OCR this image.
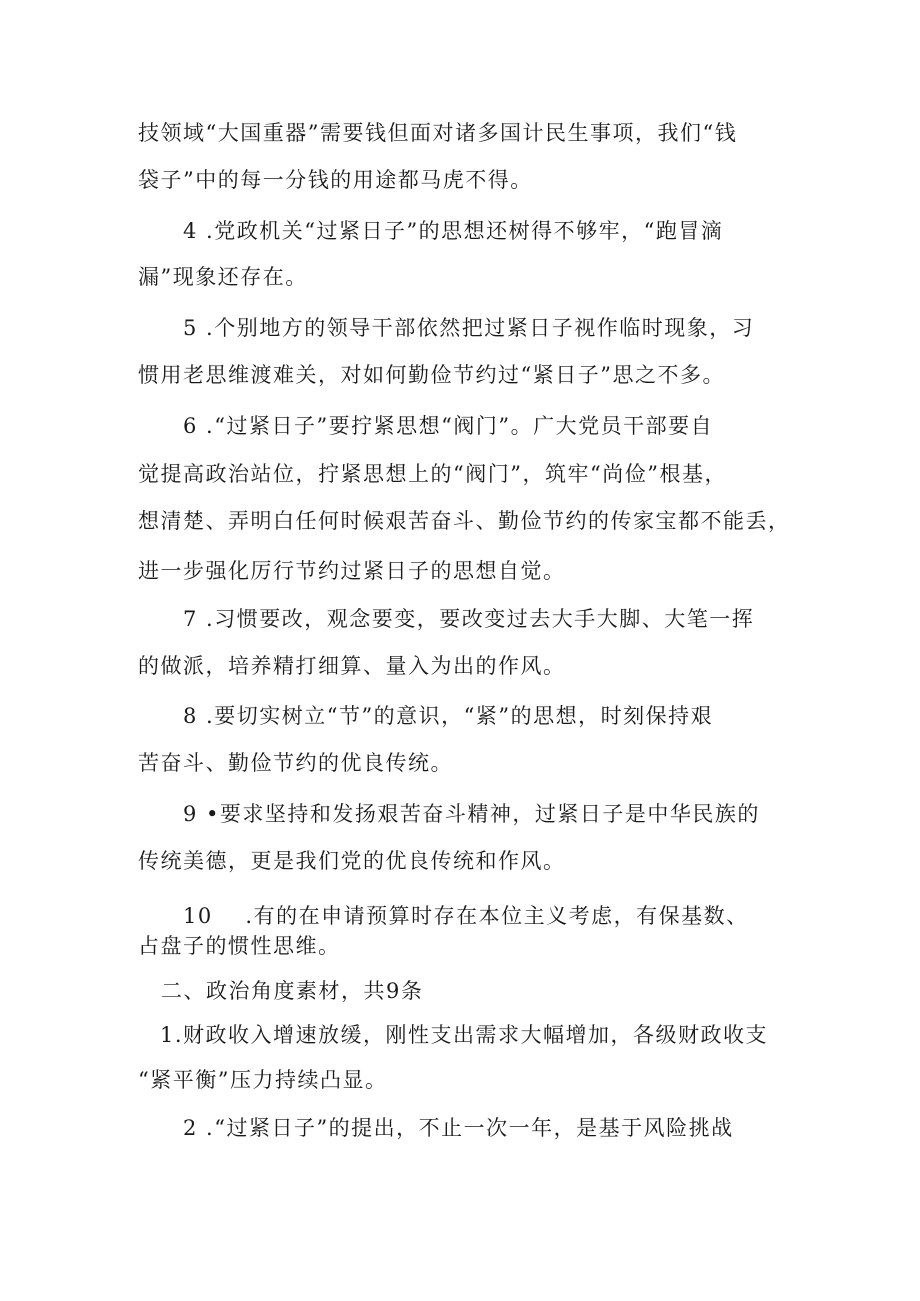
技领域“大国重器”需要钱但面对诸多国计民生事项，我们“钱
袋子”中的每一分钱的用途都马虎不得。
4 .党政机关“过紧日子”的思想还树得不够牢，“跑冒滴
漏”现象还存在。
5 .个别地方的领导干部依然把过紧日子视作临时现象，习
惯用老思维渡难关，对如何勤俭节约过“紧日子”思之不多。
6 .“过紧日子”要拧紧思想“阀门”。广大党员干部要自
觉提高政治站位，拧紧思想上的“阀门”，筑牢“尚俭”根基，
想清楚、弄明白任何时候艰苦奋斗、勤俭节约的传家宝都不能丢，
进一步强化厉行节约过紧日子的思想自觉。
7 .习惯要改，观念要变，要改变过去大手大脚、大笔一挥
的做派，培养精打细算、量入为出的作风。
8 .要切实树立“节”的意识，“紧”的思想，时刻保持艰
苦奋斗、勤俭节约的优良传统。
9 •要求坚持和发扬艰苦奋斗精神，过紧日子是中华民族的
传统美德，更是我们党的优良传统和作风。
10    .有的在申请预算时存在本位主义考虑，有保基数、
占盘子的惯性思维。
二、政治角度素材，共9条
1.财政收入增速放缓，刚性支出需求大幅增加，各级财政收支
“紧平衡”压力持续凸显。
2 .“过紧日子”的提出，不止一次一年，是基于风险挑战
